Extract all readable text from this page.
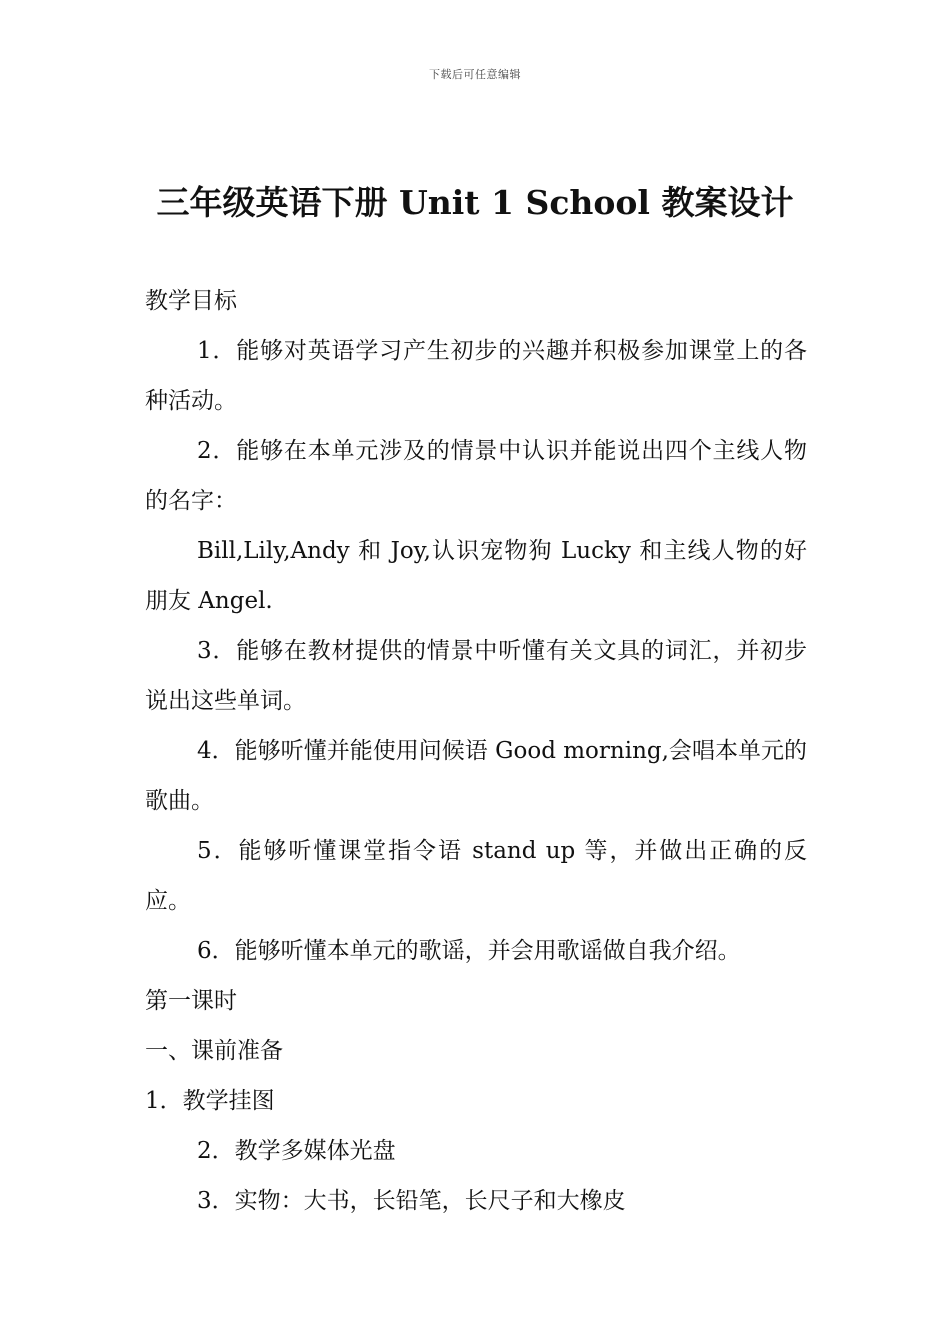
下载后可任意编辑
三年级英语下册 Unit 1 School 教案设计

教学目标

1．能够对英语学习产生初步的兴趣并积极参加课堂上的各种活动。

2．能够在本单元涉及的情景中认识并能说出四个主线人物的名字：

Bill,Lily,Andy 和 Joy,认识宠物狗 Lucky 和主线人物的好朋友 Angel.

3．能够在教材提供的情景中听懂有关文具的词汇，并初步说出这些单词。

4．能够听懂并能使用问候语 Good morning,会唱本单元的歌曲。

5．能够听懂课堂指令语 stand up 等，并做出正确的反应。

6．能够听懂本单元的歌谣，并会用歌谣做自我介绍。

第一课时

一、课前准备

1．教学挂图

2．教学多媒体光盘

3．实物：大书，长铅笔，长尺子和大橡皮
